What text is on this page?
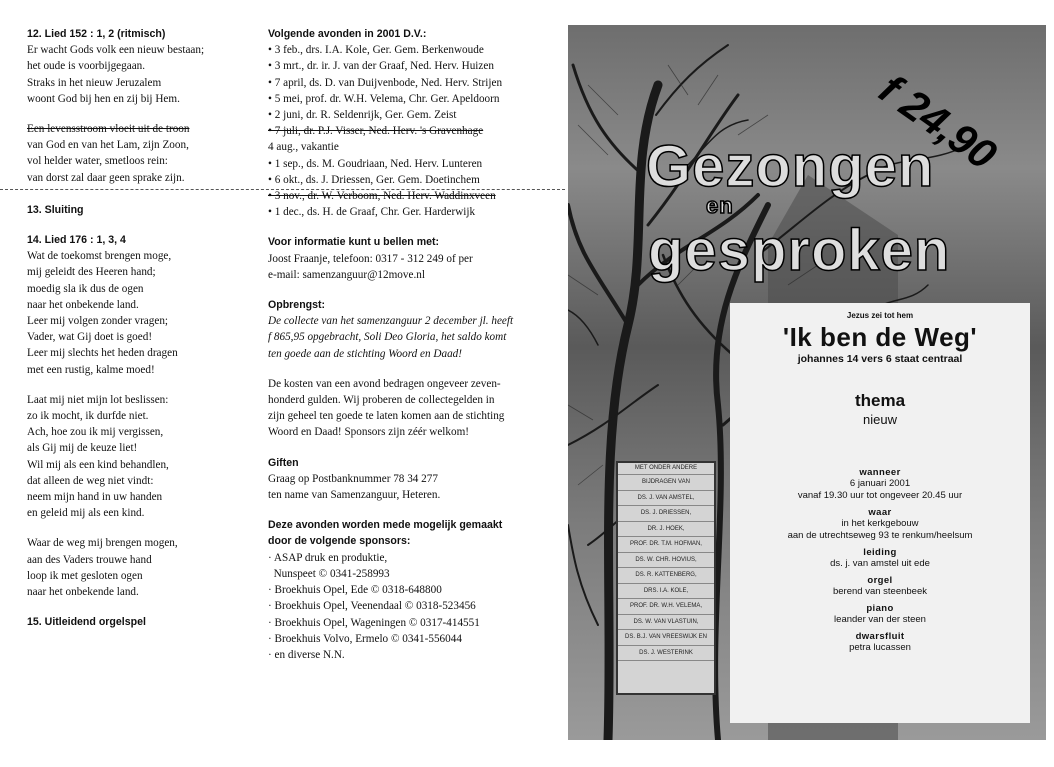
12. Lied 152 : 1, 2 (ritmisch)
Er wacht Gods volk een nieuw bestaan;
het oude is voorbijgegaan.
Straks in het nieuw Jeruzalem
woont God bij hen en zij bij Hem.
Een levensstroom vloeit uit de troon
van God en van het Lam, zijn Zoon,
vol helder water, smetloos rein:
van dorst zal daar geen sprake zijn.
13. Sluiting
14. Lied 176 : 1, 3, 4
Wat de toekomst brengen moge,
mij geleidt des Heeren hand;
moedig sla ik dus de ogen
naar het onbekende land.
Leer mij volgen zonder vragen;
Vader, wat Gij doet is goed!
Leer mij slechts het heden dragen
met een rustig, kalme moed!
Laat mij niet mijn lot beslissen:
zo ik mocht, ik durfde niet.
Ach, hoe zou ik mij vergissen,
als Gij mij de keuze liet!
Wil mij als een kind behandlen,
dat alleen de weg niet vindt:
neem mijn hand in uw handen
en geleid mij als een kind.
Waar de weg mij brengen mogen,
aan des Vaders trouwe hand
loop ik met gesloten ogen
naar het onbekende land.
15. Uitleidend orgelspel
Volgende avonden in 2001 D.V.:
• 3 feb., drs. I.A. Kole, Ger. Gem. Berkenwoude
• 3 mrt., dr. ir. J. van der Graaf, Ned. Herv. Huizen
• 7 april, ds. D. van Duijvenbode, Ned. Herv. Strijen
• 5 mei, prof. dr. W.H. Velema, Chr. Ger. Apeldoorn
• 2 juni, dr. R. Seldenrijk, Ger. Gem. Zeist
• 7 juli, dr. P.J. Visser, Ned. Herv. 's Gravenhage
4 aug., vakantie
• 1 sep., ds. M. Goudriaan, Ned. Herv. Lunteren
• 6 okt., ds. J. Driessen, Ger. Gem. Doetinchem
• 3 nov., dr. W. Verboom, Ned. Herv. Waddinxveen
• 1 dec., ds. H. de Graaf, Chr. Ger. Harderwijk
Voor informatie kunt u bellen met:
Joost Fraanje, telefoon: 0317 - 312 249 of per
e-mail: samenzanguur@12move.nl
Opbrengst:
De collecte van het samenzanguur 2 december jl. heeft
f 865,95 opgebracht, Soli Deo Gloria, het saldo komt
ten goede aan de stichting Woord en Daad!
De kosten van een avond bedragen ongeveer zeven-
honderd gulden. Wij proberen de collectegelden in
zijn geheel ten goede te laten komen aan de stichting
Woord en Daad! Sponsors zijn zéér welkom!
Giften
Graag op Postbanknummer 78 34 277
ten name van Samenzanguur, Heteren.
Deze avonden worden mede mogelijk gemaakt
door de volgende sponsors:
· ASAP druk en produktie,
Nunspeet © 0341-258993
· Broekhuis Opel, Ede © 0318-648800
· Broekhuis Opel, Veenendaal © 0318-523456
· Broekhuis Opel, Wageningen © 0317-414551
· Broekhuis Volvo, Ermelo © 0341-556044
· en diverse N.N.
f 24,90
Gezongen
en
gesproken
MET ONDER ANDERE
BIJDRAGEN VAN
DS. J. VAN AMSTEL,
DS. J. DRIESSEN,
DR. J. HOEK,
PROF. DR. T.M. HOFMAN,
DS. W. CHR. HOVIUS,
DS. R. KATTENBERG,
DRS. I.A. KOLE,
PROF. DR. W.H. VELEMA,
DS. W. VAN VLASTUIN,
DS. B.J. VAN VREESWIJK EN
DS. J. WESTERINK
Jezus zei tot hem
'Ik ben de Weg'
johannes 14 vers 6 staat centraal
thema
nieuw
wanneer
6 januari 2001
vanaf 19.30 uur tot ongeveer 20.45 uur
waar
in het kerkgebouw
aan de utrechtseweg 93 te renkum/heelsum
leiding
ds. j. van amstel uit ede
orgel
berend van steenbeek
piano
leander van der steen
dwarsfluit
petra lucassen
